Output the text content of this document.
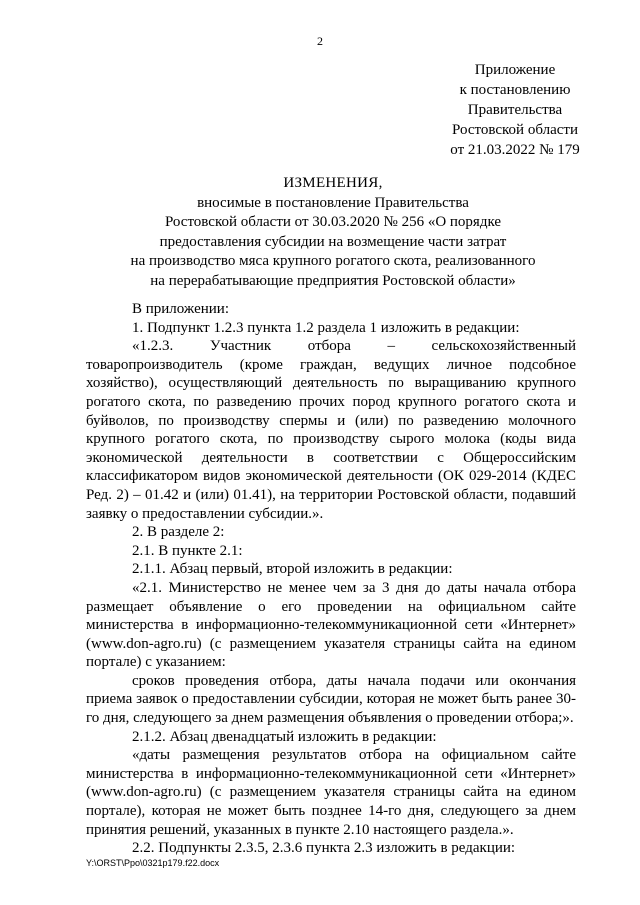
2
Приложение
к постановлению
Правительства
Ростовской области
от 21.03.2022 № 179
ИЗМЕНЕНИЯ,
вносимые в постановление Правительства
Ростовской области от 30.03.2020 № 256 «О порядке
предоставления субсидии на возмещение части затрат
на производство мяса крупного рогатого скота, реализованного
на перерабатывающие предприятия Ростовской области»

В приложении:

1. Подпункт 1.2.3 пункта 1.2 раздела 1 изложить в редакции:

«1.2.3. Участник отбора – сельскохозяйственный товаропроизводитель (кроме граждан, ведущих личное подсобное хозяйство), осуществляющий деятельность по выращиванию крупного рогатого скота, по разведению прочих пород крупного рогатого скота и буйволов, по производству спермы и (или) по разведению молочного крупного рогатого скота, по производству сырого молока (коды вида экономической деятельности в соответствии с Общероссийским классификатором видов экономической деятельности (ОК 029-2014 (КДЕС Ред. 2) – 01.42 и (или) 01.41), на территории Ростовской области, подавший заявку о предоставлении субсидии.».

2. В разделе 2:

2.1. В пункте 2.1:

2.1.1. Абзац первый, второй изложить в редакции:

«2.1. Министерство не менее чем за 3 дня до даты начала отбора размещает объявление о его проведении на официальном сайте министерства в информационно-телекоммуникационной сети «Интернет» (www.don-agro.ru) (с размещением указателя страницы сайта на едином портале) с указанием:

сроков проведения отбора, даты начала подачи или окончания приема заявок о предоставлении субсидии, которая не может быть ранее 30-го дня, следующего за днем размещения объявления о проведении отбора;».

2.1.2. Абзац двенадцатый изложить в редакции:

«даты размещения результатов отбора на официальном сайте министерства в информационно-телекоммуникационной сети «Интернет» (www.don-agro.ru) (с размещением указателя страницы сайта на едином портале), которая не может быть позднее 14-го дня, следующего за днем принятия решений, указанных в пункте 2.10 настоящего раздела.».

2.2. Подпункты 2.3.5, 2.3.6 пункта 2.3 изложить в редакции:

Y:\ORST\Ppo\0321p179.f22.docx
